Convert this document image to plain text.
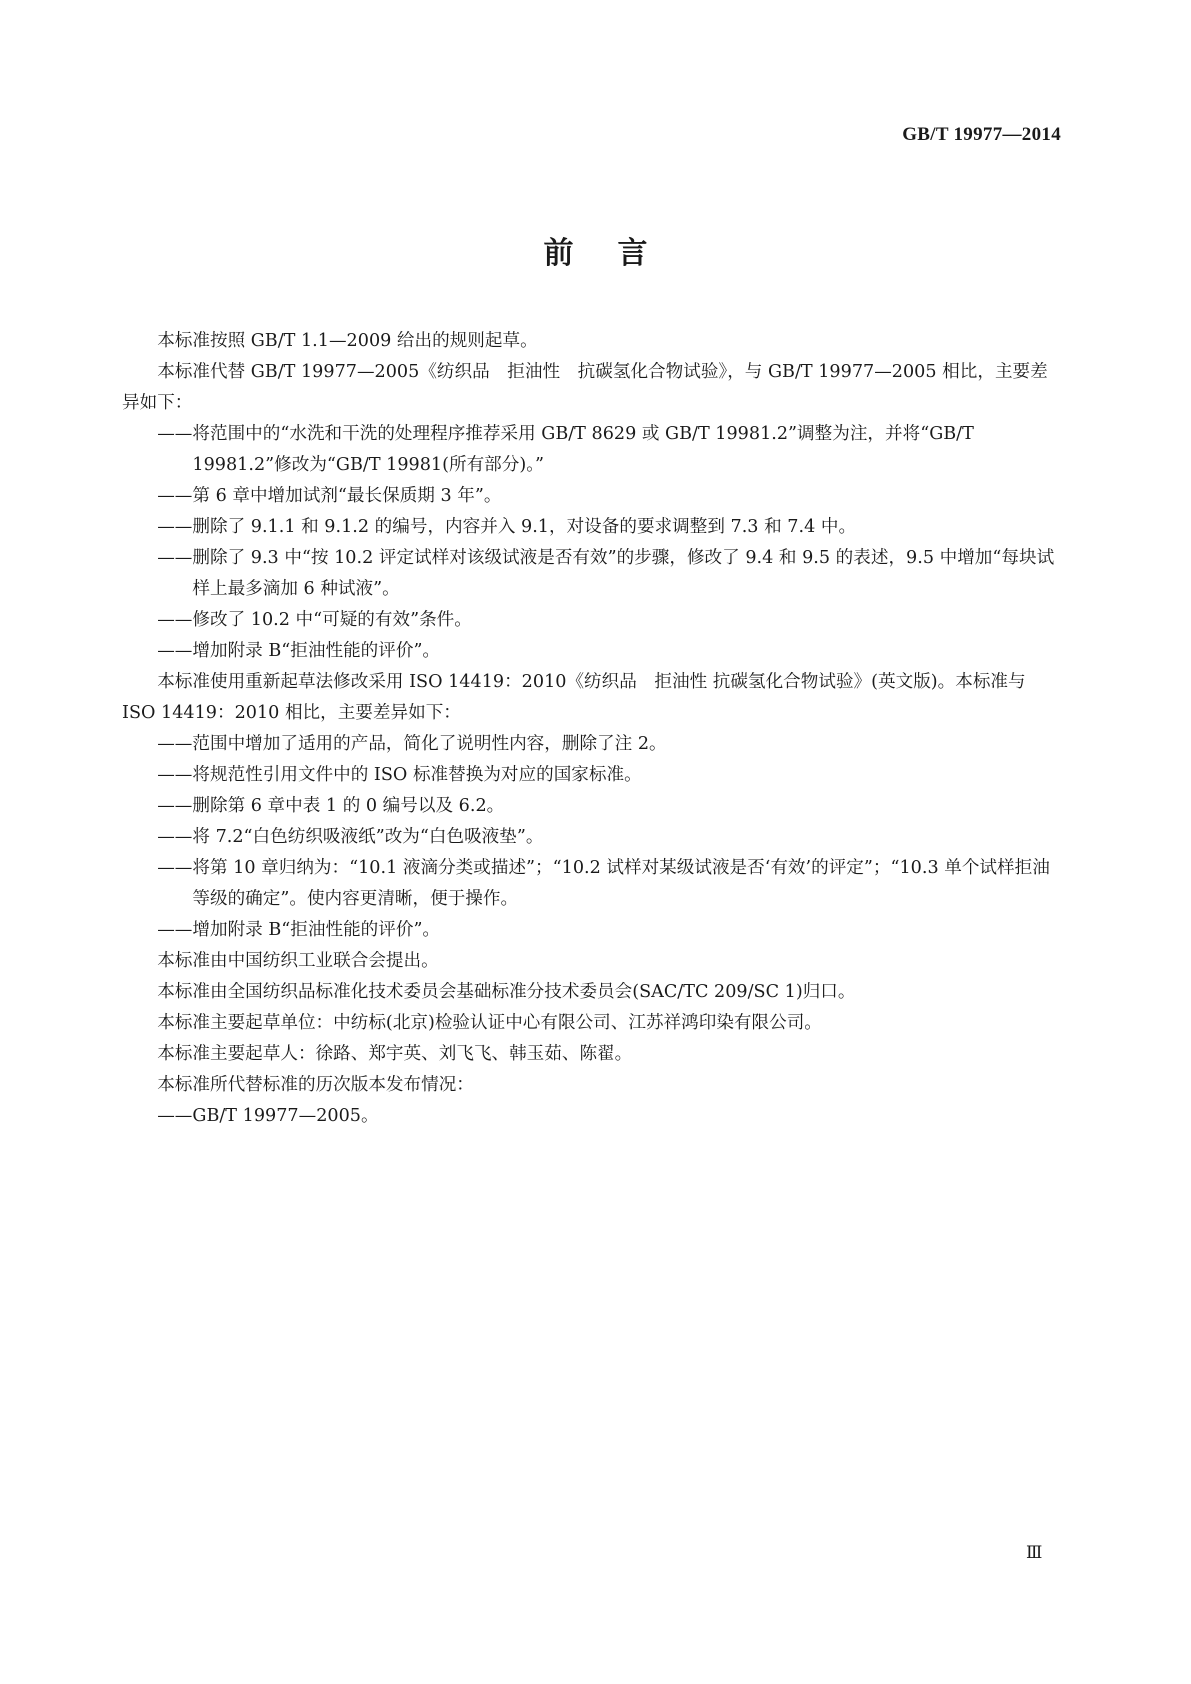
GB/T 19977—2014
前言

本标准按照 GB/T 1.1—2009 给出的规则起草。

本标准代替 GB/T 19977—2005《纺织品　拒油性　抗碳氢化合物试验》，与 GB/T 19977—2005 相比，主要差异如下：

——将范围中的“水洗和干洗的处理程序推荐采用 GB/T 8629 或 GB/T 19981.2”调整为注，并将“GB/T 19981.2”修改为“GB/T 19981(所有部分)。”

——第 6 章中增加试剂“最长保质期 3 年”。

——删除了 9.1.1 和 9.1.2 的编号，内容并入 9.1，对设备的要求调整到 7.3 和 7.4 中。

——删除了 9.3 中“按 10.2 评定试样对该级试液是否有效”的步骤，修改了 9.4 和 9.5 的表述，9.5 中增加“每块试样上最多滴加 6 种试液”。

——修改了 10.2 中“可疑的有效”条件。

——增加附录 B“拒油性能的评价”。

本标准使用重新起草法修改采用 ISO 14419：2010《纺织品　拒油性 抗碳氢化合物试验》(英文版)。本标准与 ISO 14419：2010 相比，主要差异如下：

——范围中增加了适用的产品，简化了说明性内容，删除了注 2。

——将规范性引用文件中的 ISO 标准替换为对应的国家标准。

——删除第 6 章中表 1 的 0 编号以及 6.2。

——将 7.2“白色纺织吸液纸”改为“白色吸液垫”。

——将第 10 章归纳为：“10.1 液滴分类或描述”；“10.2 试样对某级试液是否‘有效’的评定”；“10.3 单个试样拒油等级的确定”。使内容更清晰，便于操作。

——增加附录 B“拒油性能的评价”。

本标准由中国纺织工业联合会提出。

本标准由全国纺织品标准化技术委员会基础标准分技术委员会(SAC/TC 209/SC 1)归口。

本标准主要起草单位：中纺标(北京)检验认证中心有限公司、江苏祥鸿印染有限公司。

本标准主要起草人：徐路、郑宇英、刘飞飞、韩玉茹、陈翟。

本标准所代替标准的历次版本发布情况：

——GB/T 19977—2005。

Ⅲ
